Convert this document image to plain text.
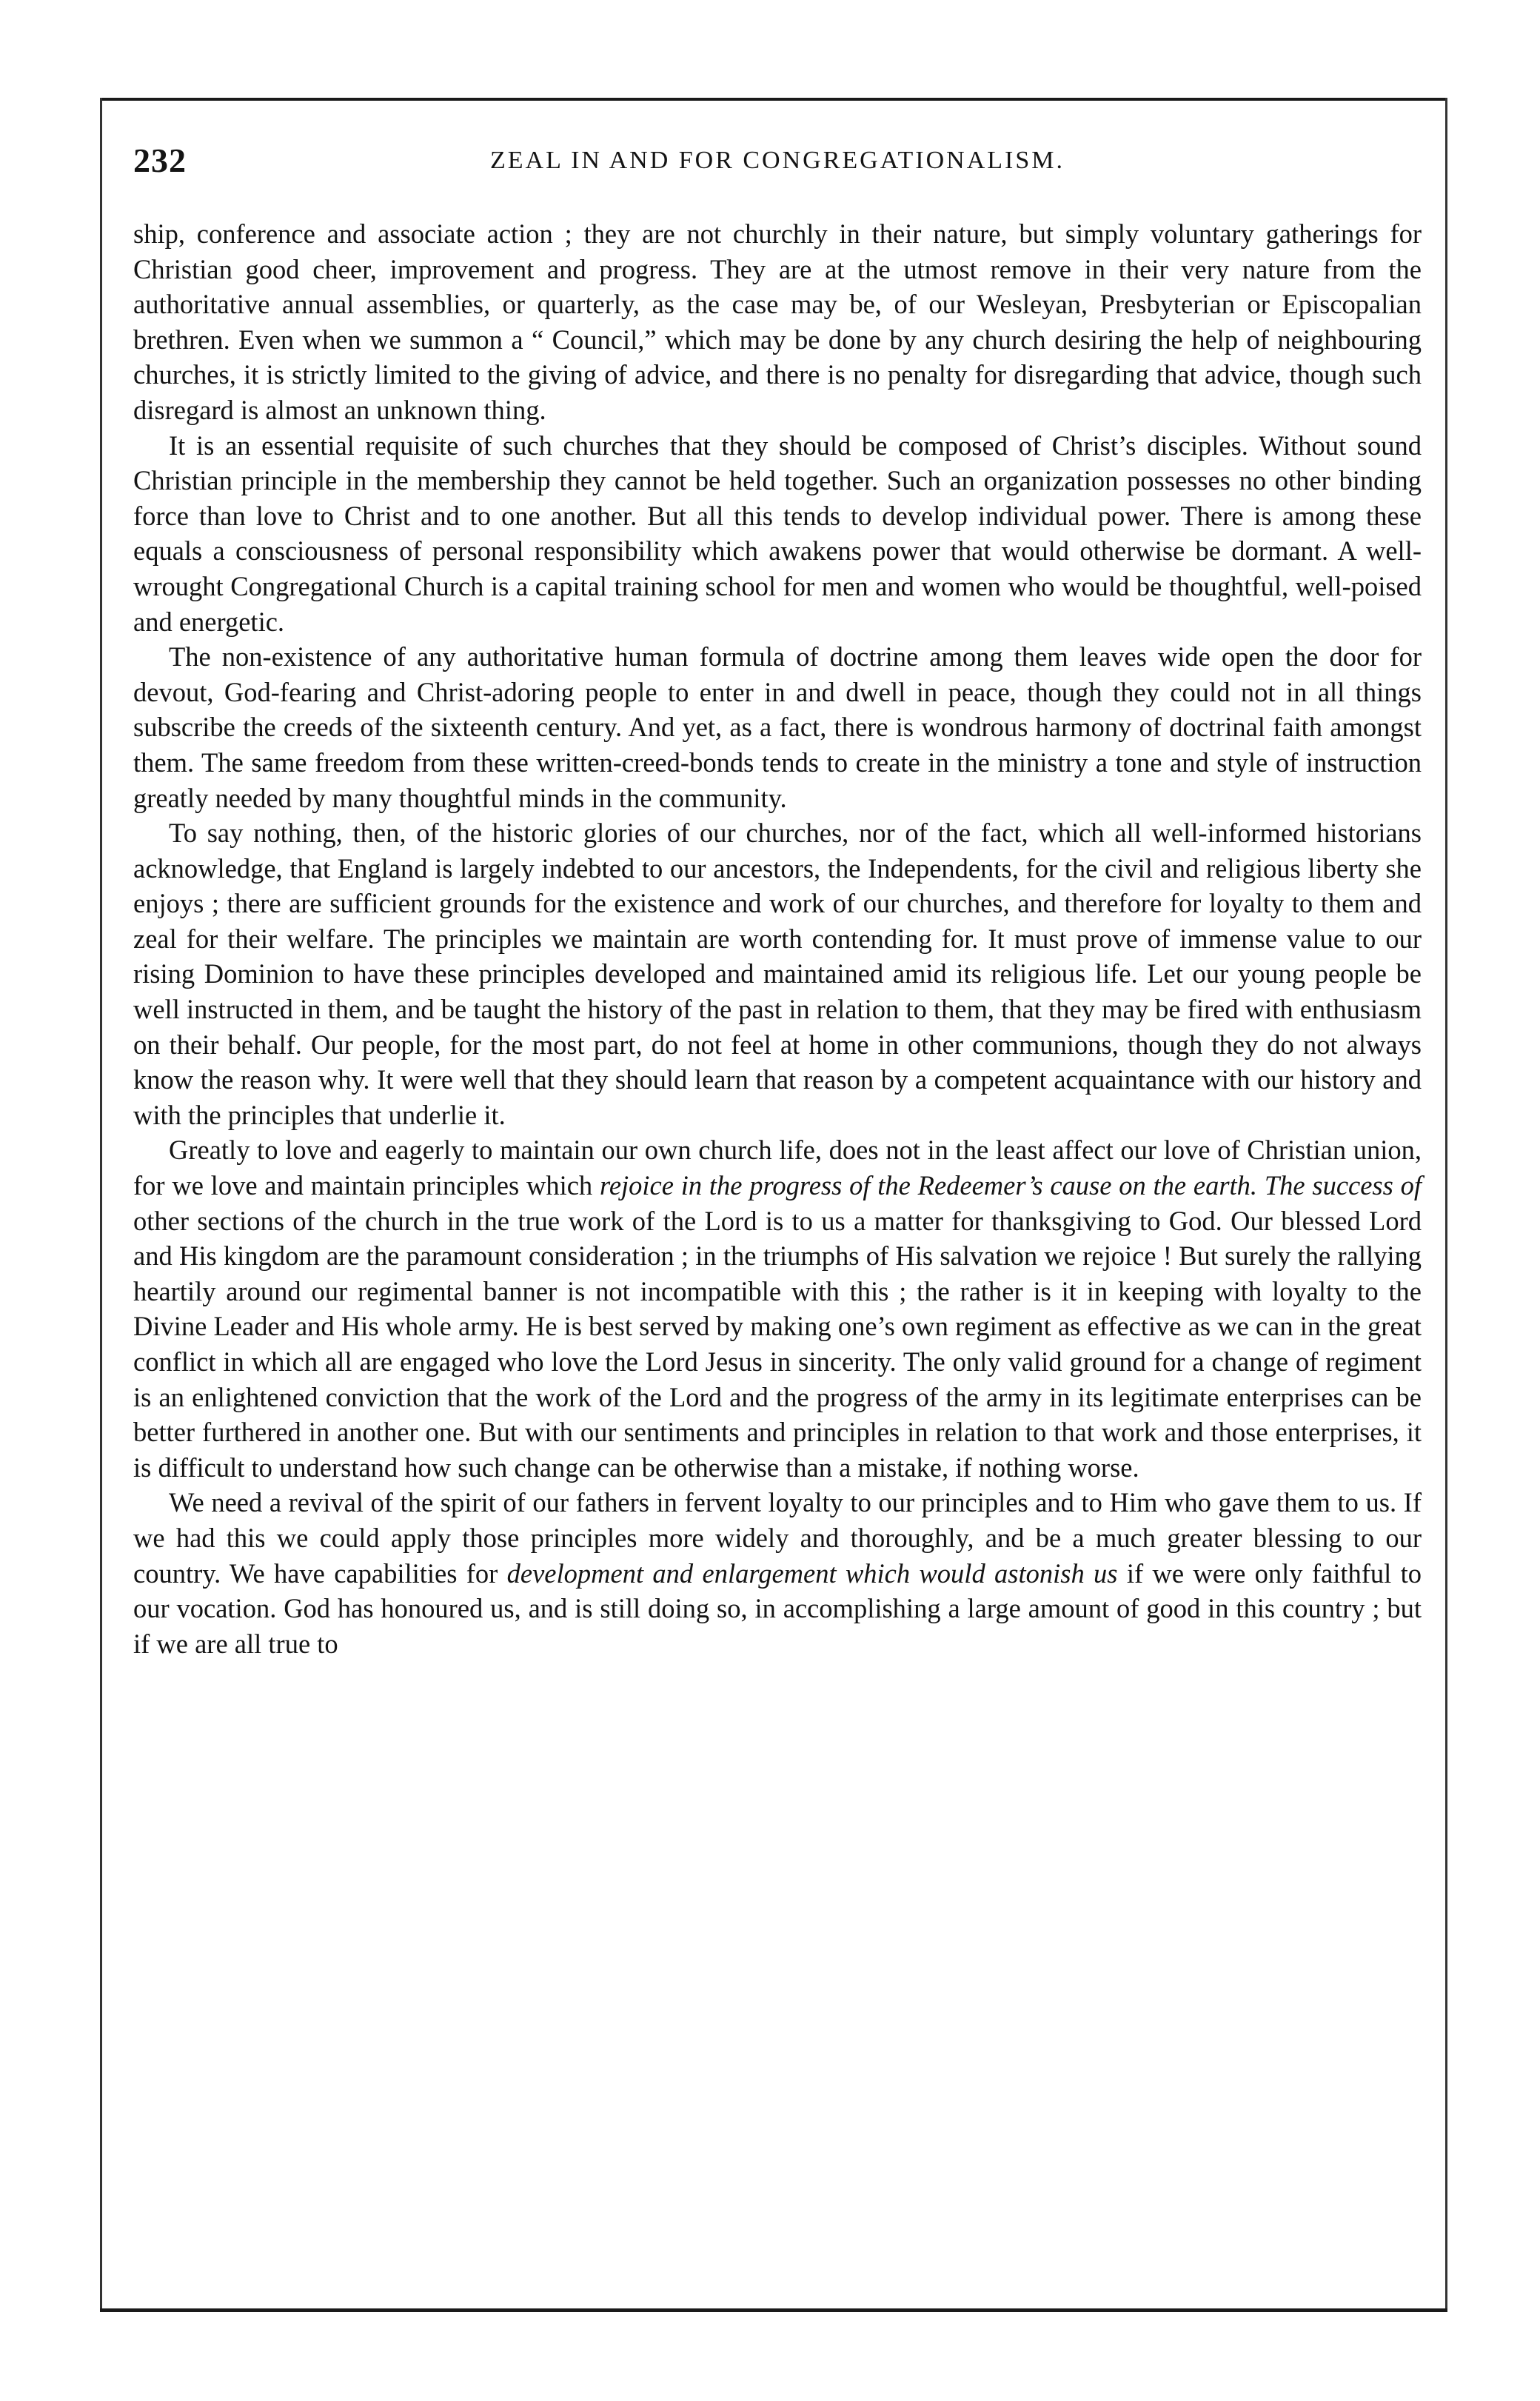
232	ZEAL IN AND FOR CONGREGATIONALISM.

ship, conference and associate action ; they are not churchly in their nature, but simply voluntary gatherings for Christian good cheer, improvement and progress. They are at the utmost remove in their very nature from the authoritative annual assemblies, or quarterly, as the case may be, of our Wesleyan, Presbyterian or Episcopalian brethren. Even when we summon a “ Council,” which may be done by any church desiring the help of neighbouring churches, it is strictly limited to the giving of advice, and there is no penalty for disregarding that advice, though such disregard is almost an unknown thing.

It is an essential requisite of such churches that they should be composed of Christ’s disciples. Without sound Christian principle in the membership they cannot be held together. Such an organization possesses no other binding force than love to Christ and to one another. But all this tends to develop individual power. There is among these equals a consciousness of personal responsibility which awakens power that would otherwise be dormant. A well-wrought Congregational Church is a capital training school for men and women who would be thoughtful, well-poised and energetic.

The non-existence of any authoritative human formula of doctrine among them leaves wide open the door for devout, God-fearing and Christ-adoring people to enter in and dwell in peace, though they could not in all things subscribe the creeds of the sixteenth century. And yet, as a fact, there is wondrous harmony of doctrinal faith amongst them. The same freedom from these written-creed-bonds tends to create in the ministry a tone and style of instruction greatly needed by many thoughtful minds in the community.

To say nothing, then, of the historic glories of our churches, nor of the fact, which all well-informed historians acknowledge, that England is largely indebted to our ancestors, the Independents, for the civil and religious liberty she enjoys ; there are sufficient grounds for the existence and work of our churches, and therefore for loyalty to them and zeal for their welfare. The principles we maintain are worth contending for. It must prove of immense value to our rising Dominion to have these principles developed and maintained amid its religious life. Let our young people be well instructed in them, and be taught the history of the past in relation to them, that they may be fired with enthusiasm on their behalf. Our people, for the most part, do not feel at home in other communions, though they do not always know the reason why. It were well that they should learn that reason by a competent acquaintance with our history and with the principles that underlie it.

Greatly to love and eagerly to maintain our own church life, does not in the least affect our love of Christian union, for we love and maintain principles which rejoice in the progress of the Redeemer’s cause on the earth. The success of other sections of the church in the true work of the Lord is to us a matter for thanksgiving to God. Our blessed Lord and His kingdom are the paramount consideration ; in the triumphs of His salvation we rejoice ! But surely the rallying heartily around our regimental banner is not incompatible with this ; the rather is it in keeping with loyalty to the Divine Leader and His whole army. He is best served by making one’s own regiment as effective as we can in the great conflict in which all are engaged who love the Lord Jesus in sincerity. The only valid ground for a change of regiment is an enlightened conviction that the work of the Lord and the progress of the army in its legitimate enterprises can be better furthered in another one. But with our sentiments and principles in relation to that work and those enterprises, it is difficult to understand how such change can be otherwise than a mistake, if nothing worse.

We need a revival of the spirit of our fathers in fervent loyalty to our principles and to Him who gave them to us. If we had this we could apply those principles more widely and thoroughly, and be a much greater blessing to our country. We have capabilities for development and enlargement which would astonish us if we were only faithful to our vocation. God has honoured us, and is still doing so, in accomplishing a large amount of good in this country ; but if we are all true to
